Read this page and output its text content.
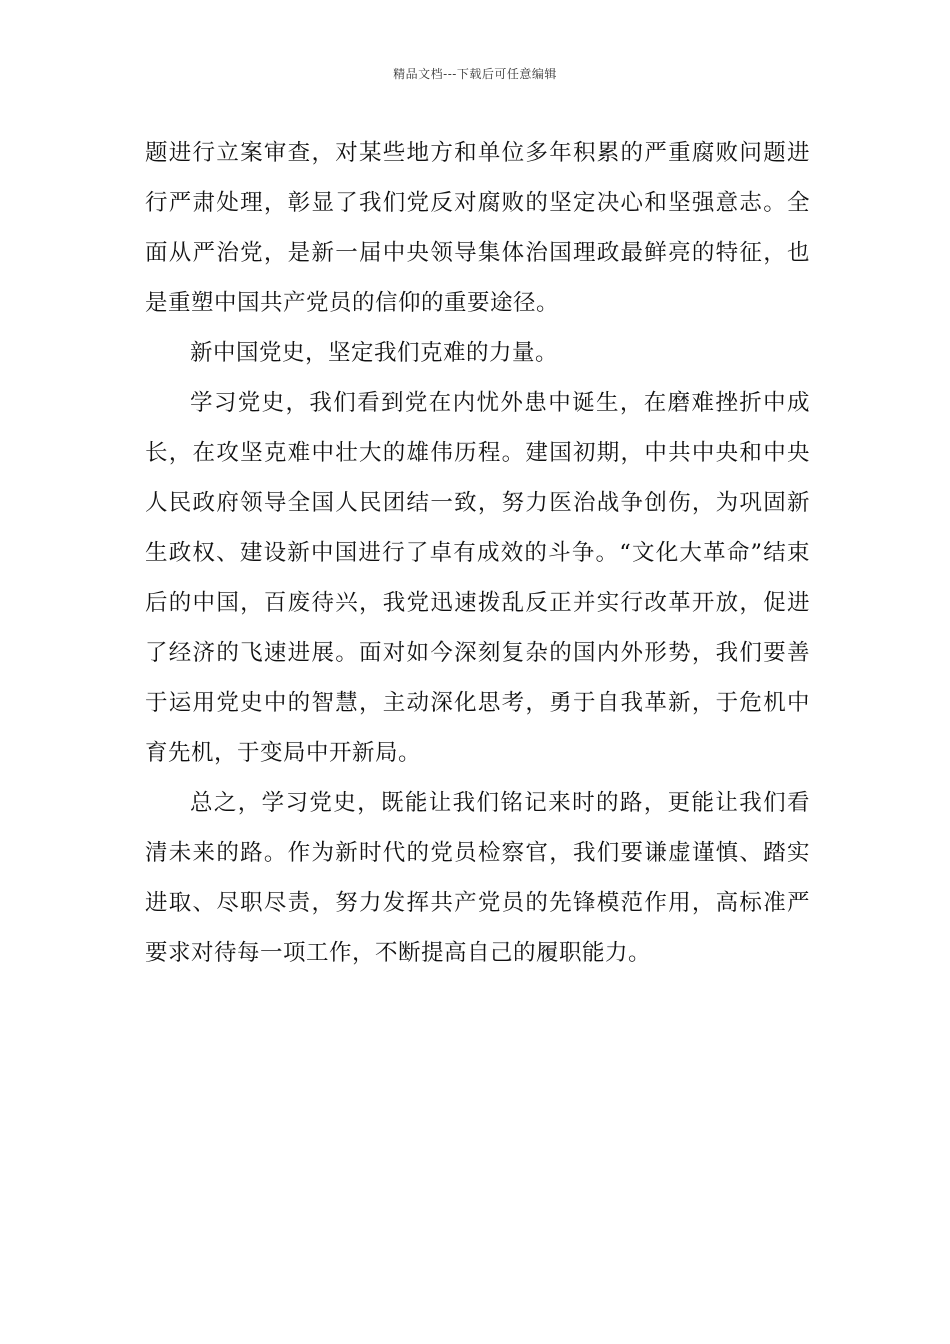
精品文档---下载后可任意编辑

题进行立案审查，对某些地方和单位多年积累的严重腐败问题进行严肃处理，彰显了我们党反对腐败的坚定决心和坚强意志。全面从严治党，是新一届中央领导集体治国理政最鲜亮的特征，也是重塑中国共产党员的信仰的重要途径。

新中国党史，坚定我们克难的力量。

学习党史，我们看到党在内忧外患中诞生，在磨难挫折中成长，在攻坚克难中壮大的雄伟历程。建国初期，中共中央和中央人民政府领导全国人民团结一致，努力医治战争创伤，为巩固新生政权、建设新中国进行了卓有成效的斗争。“文化大革命”结束后的中国，百废待兴，我党迅速拨乱反正并实行改革开放，促进了经济的飞速进展。面对如今深刻复杂的国内外形势，我们要善于运用党史中的智慧，主动深化思考，勇于自我革新，于危机中育先机，于变局中开新局。

总之，学习党史，既能让我们铭记来时的路，更能让我们看清未来的路。作为新时代的党员检察官，我们要谦虚谨慎、踏实进取、尽职尽责，努力发挥共产党员的先锋模范作用，高标准严要求对待每一项工作，不断提高自己的履职能力。
